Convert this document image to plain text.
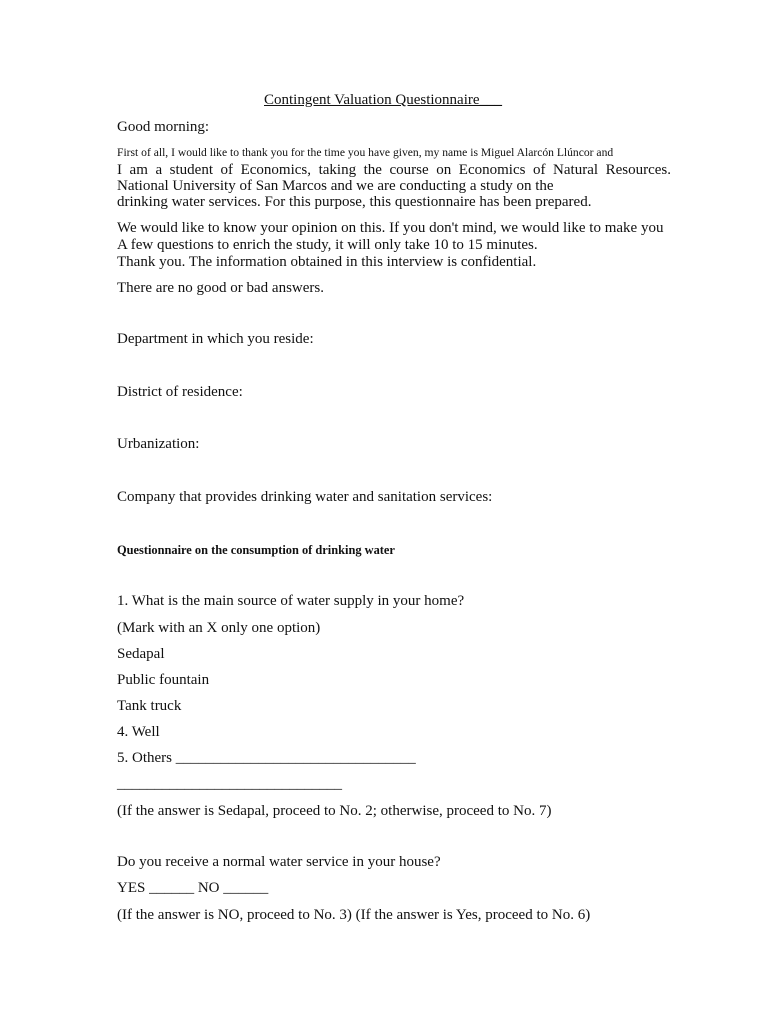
Contingent Valuation Questionnaire___
Good morning:
First of all, I would like to thank you for the time you have given, my name is Miguel Alarcón Llúncor and
I am a student of Economics, taking the course on Economics of Natural Resources.
National University of San Marcos and we are conducting a study on the
drinking water services. For this purpose, this questionnaire has been prepared.
We would like to know your opinion on this. If you don't mind, we would like to make you
A few questions to enrich the study, it will only take 10 to 15 minutes.
Thank you. The information obtained in this interview is confidential.
There are no good or bad answers.
Department in which you reside:
District of residence:
Urbanization:
Company that provides drinking water and sanitation services:
Questionnaire on the consumption of drinking water
1. What is the main source of water supply in your home?
(Mark with an X only one option)
Sedapal
Public fountain
Tank truck
4. Well
5. Others ________________________________
______________________________
(If the answer is Sedapal, proceed to No. 2; otherwise, proceed to No. 7)
Do you receive a normal water service in your house?
YES ______ NO ______
(If the answer is NO, proceed to No. 3) (If the answer is Yes, proceed to No. 6)
